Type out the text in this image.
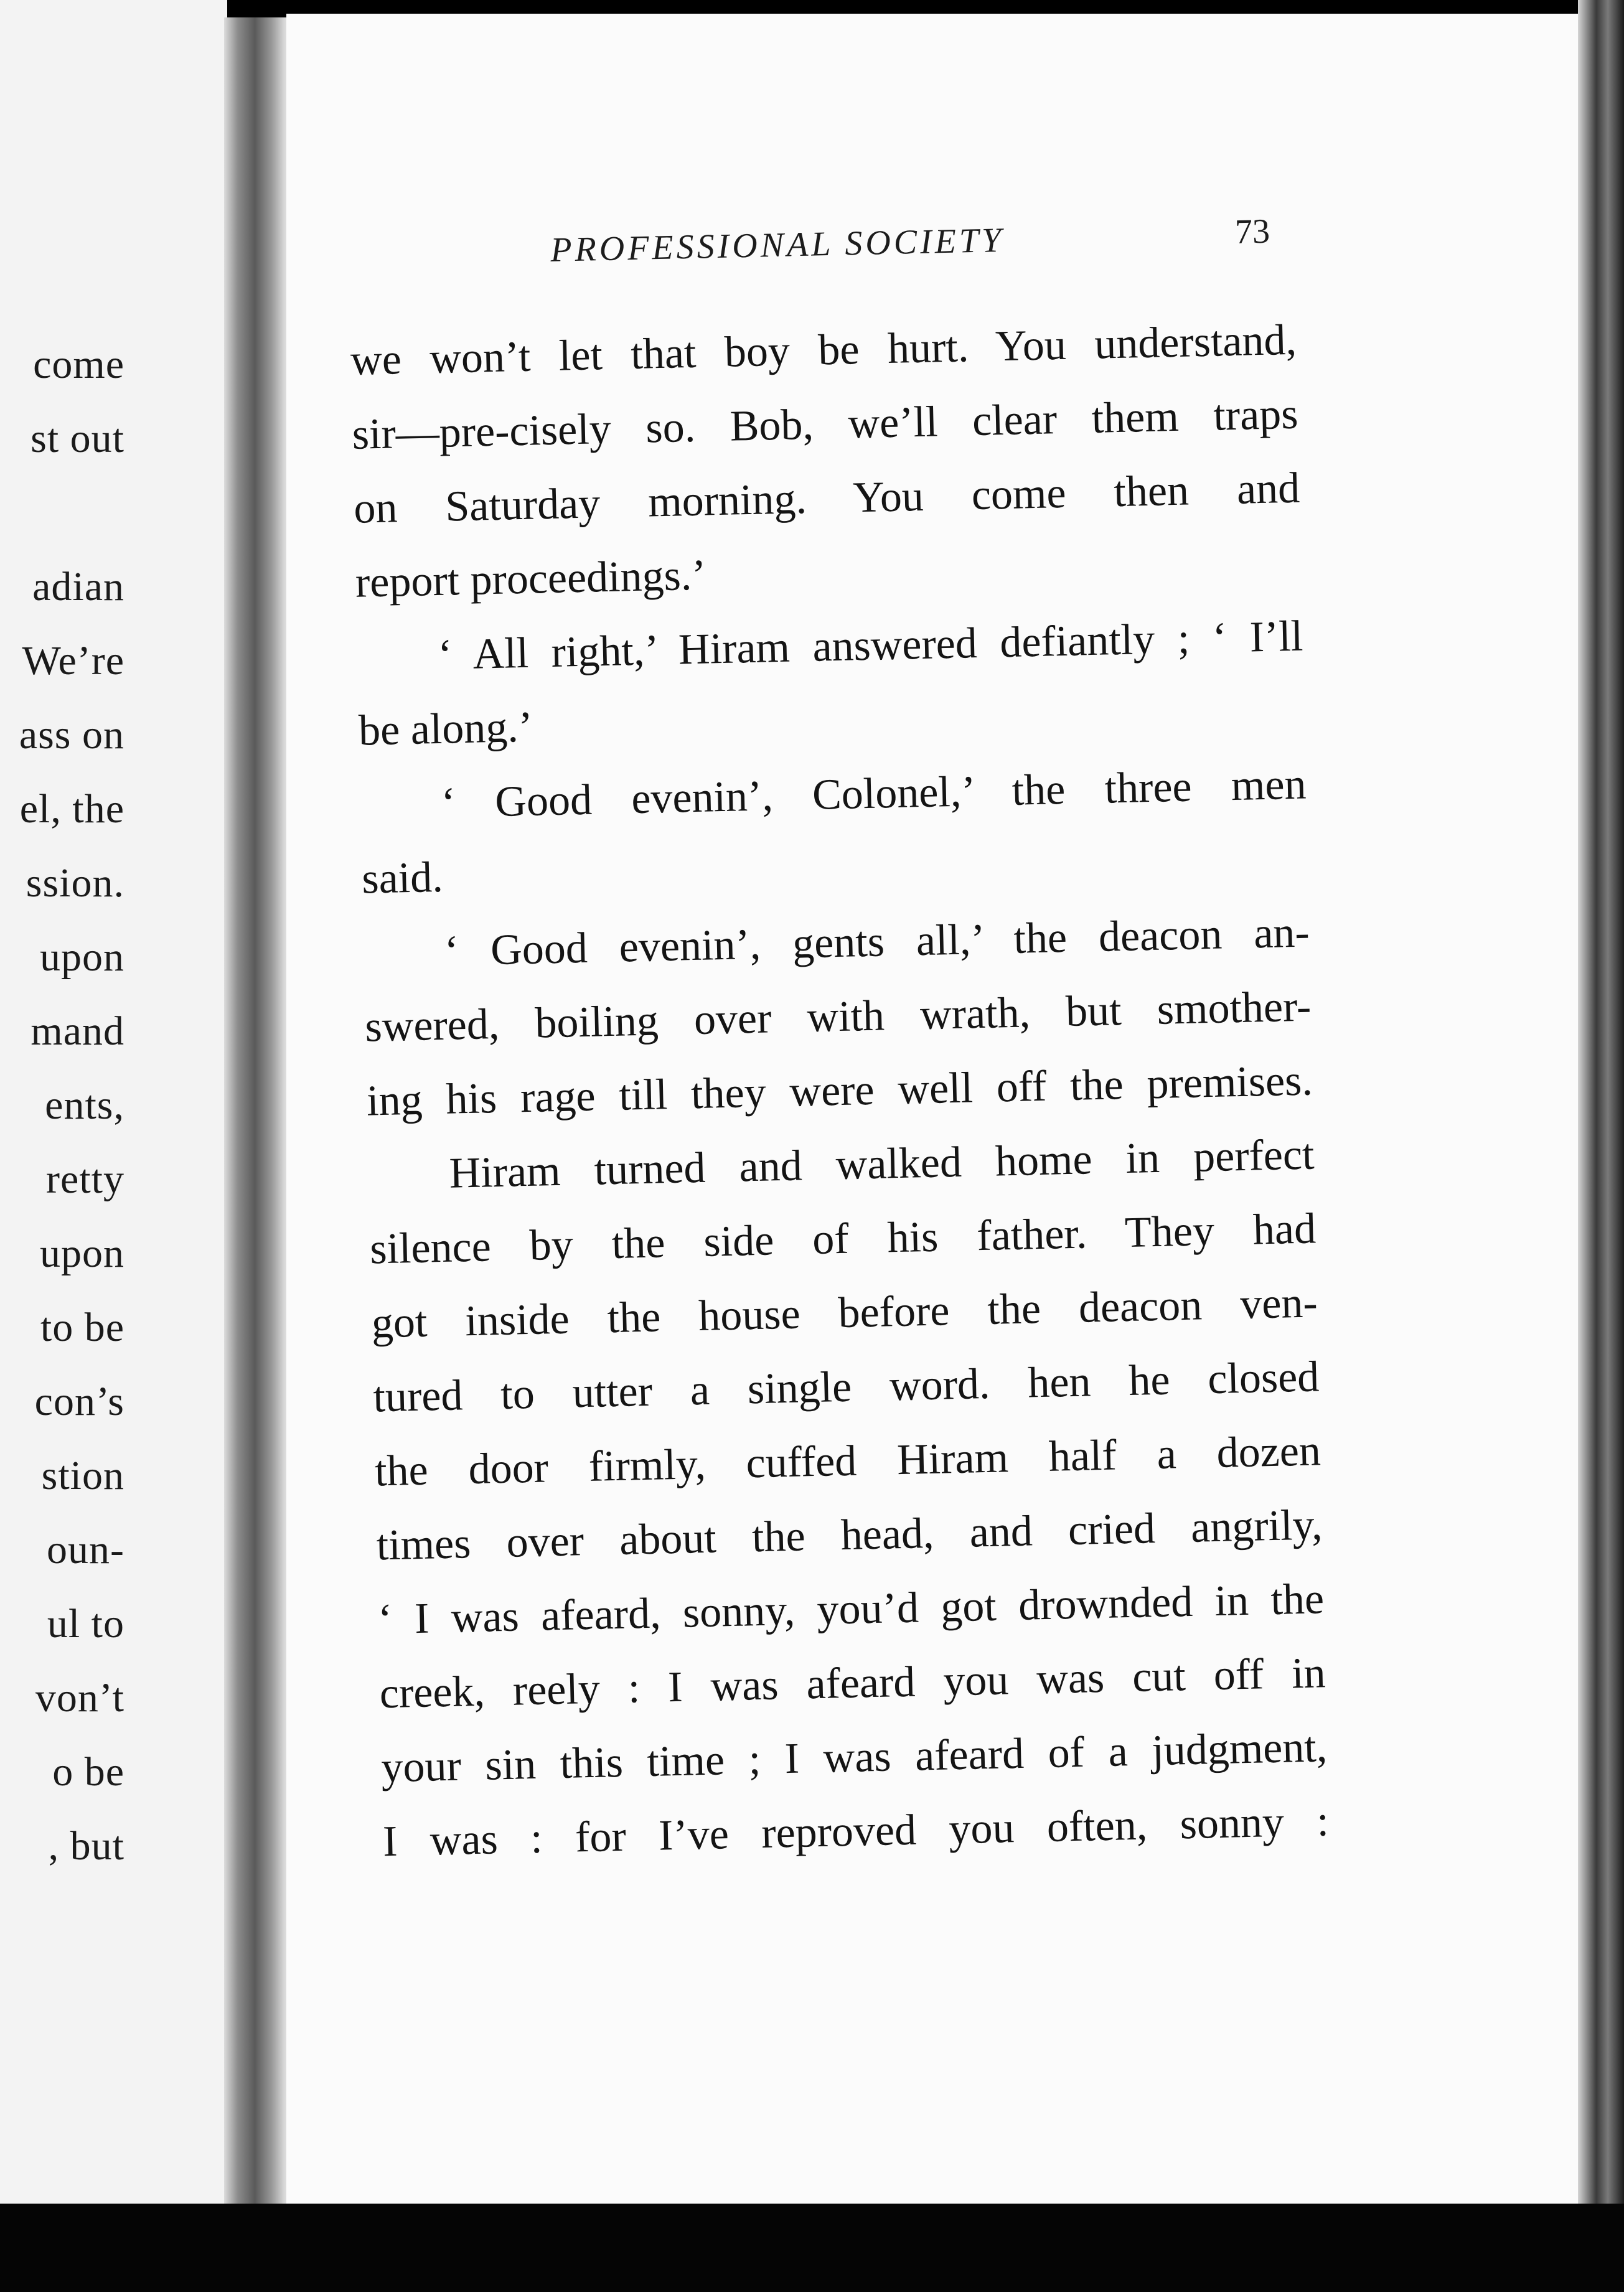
come
st out
adian
We’re
ass on
el, the
ssion.
upon
mand
ents,
retty
upon
to be
con’s
stion
oun-
ul to
von’t
o be
, but
PROFESSIONAL SOCIETY	73
we won’t let that boy be hurt. You understand,
sir—pre-cisely so. Bob, we’ll clear them traps
on Saturday morning. You come then and
report proceedings.’
‘ All right,’ Hiram answered defiantly ; ‘ I’ll
be along.’
‘ Good evenin’, Colonel,’ the three men
said.
‘ Good evenin’, gents all,’ the deacon an-
swered, boiling over with wrath, but smother-
ing his rage till they were well off the premises.
Hiram turned and walked home in perfect
silence by the side of his father. They had
got inside the house before the deacon ven-
tured to utter a single word. hen he closed
the door firmly, cuffed Hiram half a dozen
times over about the head, and cried angrily,
‘ I was afeard, sonny, you’d got drownded in the
creek, reely : I was afeard you was cut off in
your sin this time ; I was afeard of a judgment,
I was : for I’ve reproved you often, sonny :
